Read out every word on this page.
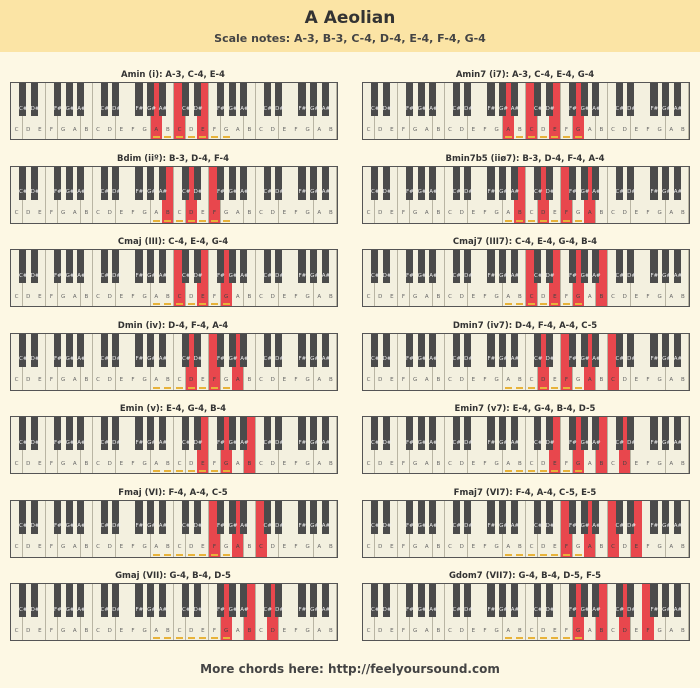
A Aeolian
Scale notes: A-3, B-3, C-4, D-4, E-4, F-4, G-4
Amin (i): A-3, C-4, E-4
C	D	E	F	G	A	B	C	D	E	F	G	A	B	C	D	E	F	G	A	B	C	D	E	F	G	A	B
C# D#	F# G# A#	C# D#	F# G# A#	C# D#	F# G# A#	C# D#	F# G# A#
Amin7 (i7): A-3, C-4, E-4, G-4
C	D	E	F	G	A	B	C	D	E	F	G	A	B	C	D	E	F	G	A	B	C	D	E	F	G	A	B
C# D#	F# G# A#	C# D#	F# G# A#	C# D#	F# G# A#	C# D#	F# G# A#
Bdim (iiº): B-3, D-4, F-4
C	D	E	F	G	A	B	C	D	E	F	G	A	B	C	D	E	F	G	A	B	C	D	E	F	G	A	B
C# D#	F# G# A#	C# D#	F# G# A#	C# D#	F# G# A#	C# D#	F# G# A#
Bmin7b5 (iiø7): B-3, D-4, F-4, A-4
C	D	E	F	G	A	B	C	D	E	F	G	A	B	C	D	E	F	G	A	B	C	D	E	F	G	A	B
C# D#	F# G# A#	C# D#	F# G# A#	C# D#	F# G# A#	C# D#	F# G# A#
Cmaj (III): C-4, E-4, G-4
C	D	E	F	G	A	B	C	D	E	F	G	A	B	C	D	E	F	G	A	B	C	D	E	F	G	A	B
C# D#	F# G# A#	C# D#	F# G# A#	C# D#	F# G# A#	C# D#	F# G# A#
Cmaj7 (III7): C-4, E-4, G-4, B-4
C	D	E	F	G	A	B	C	D	E	F	G	A	B	C	D	E	F	G	A	B	C	D	E	F	G	A	B
C# D#	F# G# A#	C# D#	F# G# A#	C# D#	F# G# A#	C# D#	F# G# A#
Dmin (iv): D-4, F-4, A-4
C	D	E	F	G	A	B	C	D	E	F	G	A	B	C	D	E	F	G	A	B	C	D	E	F	G	A	B
C# D#	F# G# A#	C# D#	F# G# A#	C# D#	F# G# A#	C# D#	F# G# A#
Dmin7 (iv7): D-4, F-4, A-4, C-5
C	D	E	F	G	A	B	C	D	E	F	G	A	B	C	D	E	F	G	A	B	C	D	E	F	G	A	B
C# D#	F# G# A#	C# D#	F# G# A#	C# D#	F# G# A#	C# D#	F# G# A#
Emin (v): E-4, G-4, B-4
C	D	E	F	G	A	B	C	D	E	F	G	A	B	C	D	E	F	G	A	B	C	D	E	F	G	A	B
C# D#	F# G# A#	C# D#	F# G# A#	C# D#	F# G# A#	C# D#	F# G# A#
Emin7 (v7): E-4, G-4, B-4, D-5
C	D	E	F	G	A	B	C	D	E	F	G	A	B	C	D	E	F	G	A	B	C	D	E	F	G	A	B
C# D#	F# G# A#	C# D#	F# G# A#	C# D#	F# G# A#	C# D#	F# G# A#
Fmaj (VI): F-4, A-4, C-5
C	D	E	F	G	A	B	C	D	E	F	G	A	B	C	D	E	F	G	A	B	C	D	E	F	G	A	B
C# D#	F# G# A#	C# D#	F# G# A#	C# D#	F# G# A#	C# D#	F# G# A#
Fmaj7 (VI7): F-4, A-4, C-5, E-5
C	D	E	F	G	A	B	C	D	E	F	G	A	B	C	D	E	F	G	A	B	C	D	E	F	G	A	B
C# D#	F# G# A#	C# D#	F# G# A#	C# D#	F# G# A#	C# D#	F# G# A#
Gmaj (VII): G-4, B-4, D-5
C	D	E	F	G	A	B	C	D	E	F	G	A	B	C	D	E	F	G	A	B	C	D	E	F	G	A	B
C# D#	F# G# A#	C# D#	F# G# A#	C# D#	F# G# A#	C# D#	F# G# A#
Gdom7 (VII7): G-4, B-4, D-5, F-5
C	D	E	F	G	A	B	C	D	E	F	G	A	B	C	D	E	F	G	A	B	C	D	E	F	G	A	B
C# D#	F# G# A#	C# D#	F# G# A#	C# D#	F# G# A#	C# D#	F# G# A#
More chords here: http://feelyoursound.com
